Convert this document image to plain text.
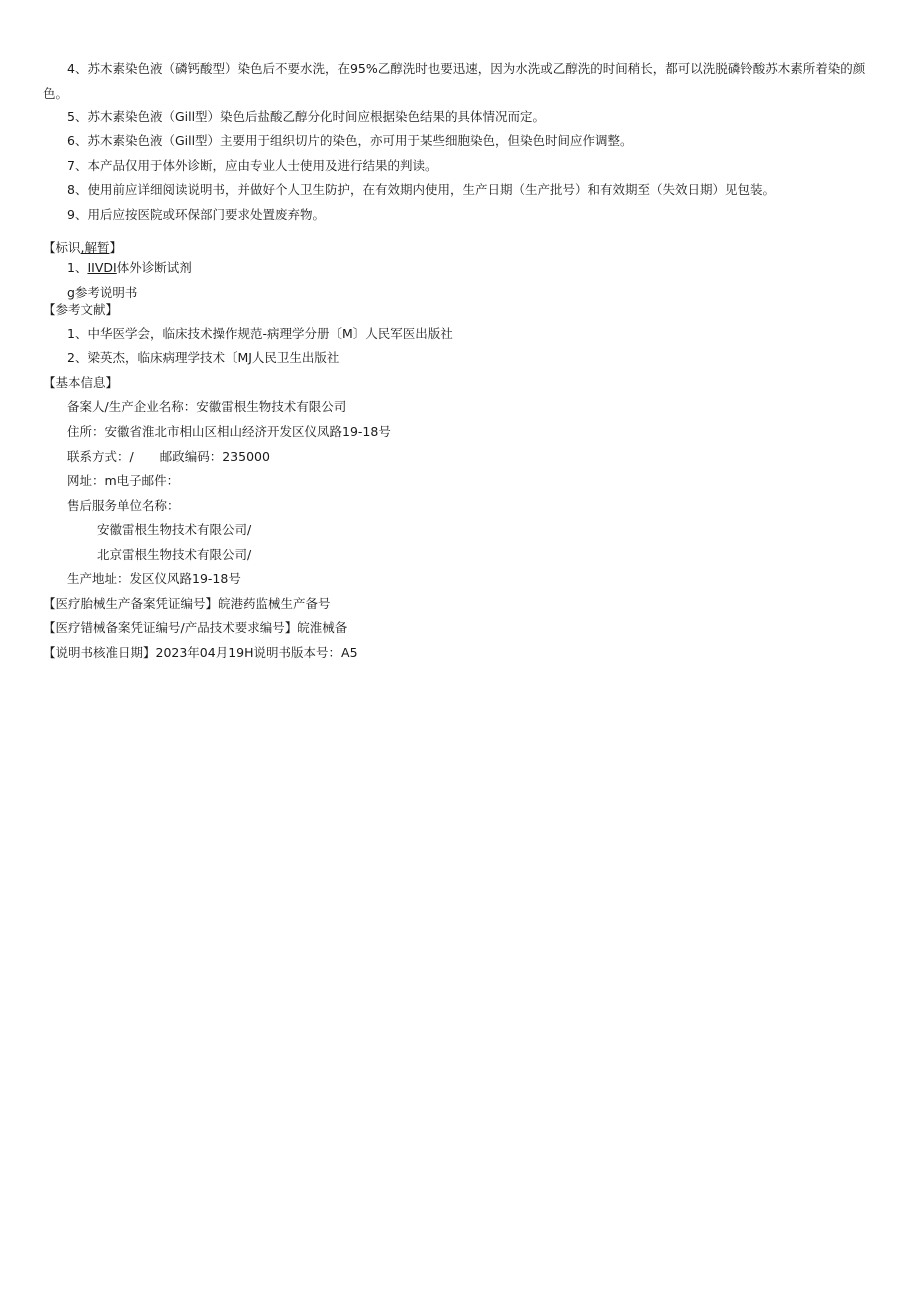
4、苏木素染色液（磷钙酸型）染色后不要水洗，在95%乙醇洗时也要迅速，因为水洗或乙醇洗的时间稍长，都可以洗脱磷铃酸苏木素所着染的颜色。
5、苏木素染色液（Gill型）染色后盐酸乙醇分化时间应根据染色结果的具体情况而定。
6、苏木素染色液（Gill型）主要用于组织切片的染色，亦可用于某些细胞染色，但染色时间应作调整。
7、本产品仅用于体外诊断，应由专业人士使用及进行结果的判读。
8、使用前应详细阅读说明书，并做好个人卫生防护，在有效期内使用，生产日期（生产批号）和有效期至（失效日期）见包装。
9、用后应按医院或环保部门要求处置废弃物。
【标识,解暂】
1、IIVDI体外诊断试剂
g参考说明书
【参考文献】
1、中华医学会，临床技术操作规范-病理学分册〔M〕人民军医出版社
2、梁英杰，临床病理学技术〔MJ人民卫生出版社
【基本信息】
备案人/生产企业名称：安徽雷根生物技术有限公司
住所：安徽省淮北市相山区相山经济开发区仪凤路19-18号
联系方式：/ 邮政编码：235000
网址：m电子邮件：
售后服务单位名称：
安徽雷根生物技术有限公司/
北京雷根生物技术有限公司/
生产地址：发区仪风路19-18号
【医疗胎械生产备案凭证编号】皖港药监械生产备号
【医疗错械备案凭证编号/产品技术要求编号】皖淮械备
【说明书核准日期】2023年04月19H说明书版本号：A5
